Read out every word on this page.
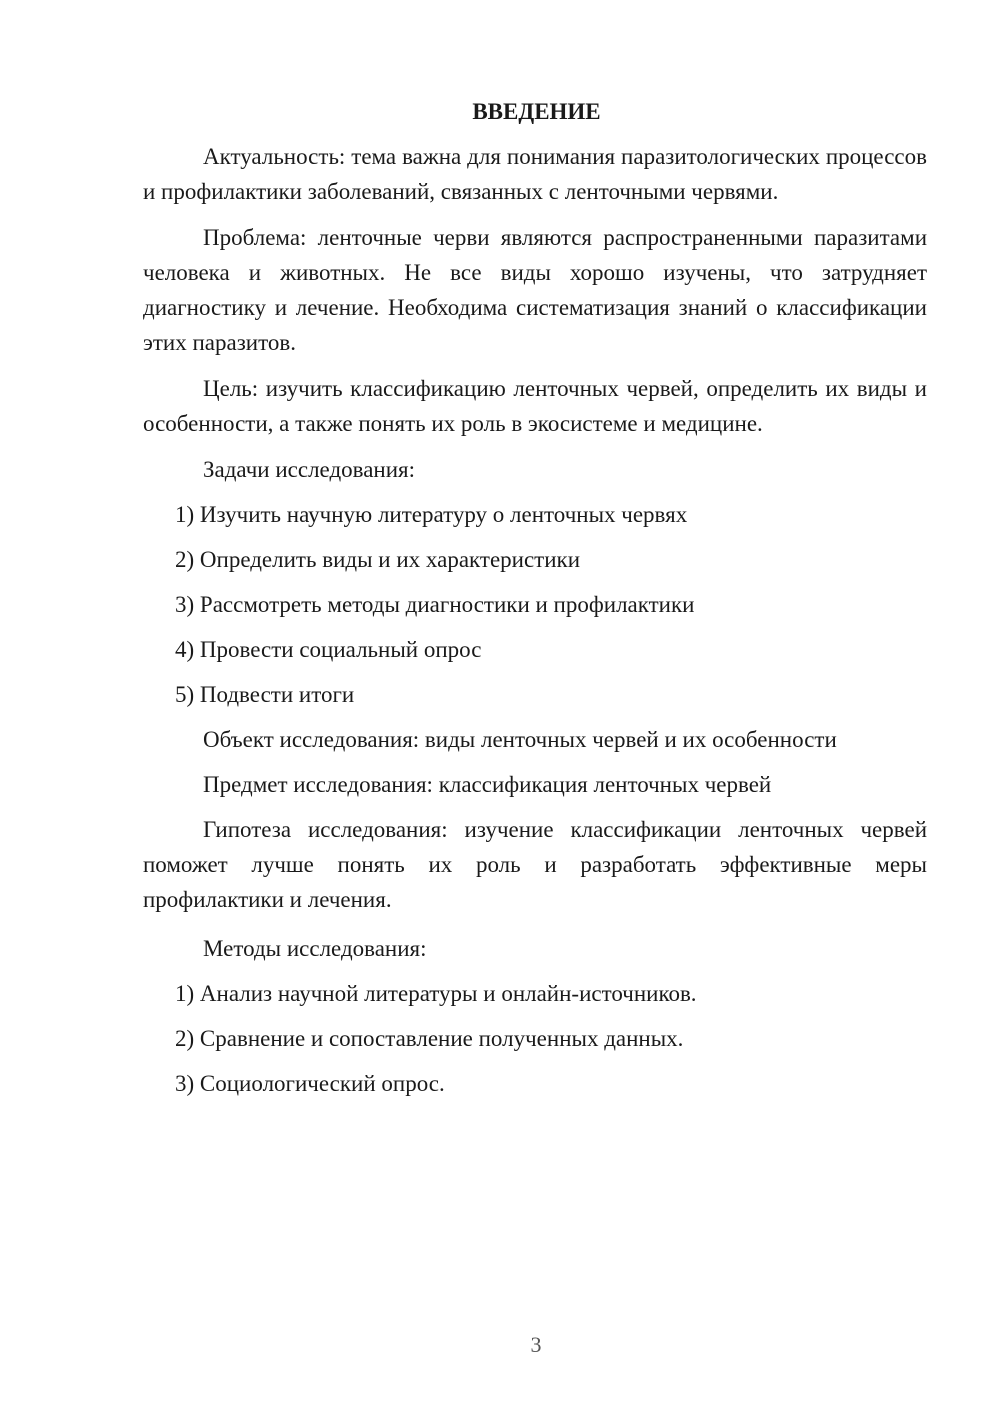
ВВЕДЕНИЕ

Актуальность: тема важна для понимания паразитологических процессов и профилактики заболеваний, связанных с ленточными червями.

Проблема: ленточные черви являются распространенными паразитами человека и животных. Не все виды хорошо изучены, что затрудняет диагностику и лечение. Необходима систематизация знаний о классификации этих паразитов.

Цель: изучить классификацию ленточных червей, определить их виды и особенности, а также понять их роль в экосистеме и медицине.

Задачи исследования:

1) Изучить научную литературу о ленточных червях

2) Определить виды и их характеристики

3) Рассмотреть методы диагностики и профилактики

4) Провести социальный опрос

5) Подвести итоги

Объект исследования: виды ленточных червей и их особенности

Предмет исследования: классификация ленточных червей

Гипотеза исследования: изучение классификации ленточных червей поможет лучше понять их роль и разработать эффективные меры профилактики и лечения.

Методы исследования:

1) Анализ научной литературы и онлайн-источников.

2) Сравнение и сопоставление полученных данных.

3) Социологический опрос.

3
